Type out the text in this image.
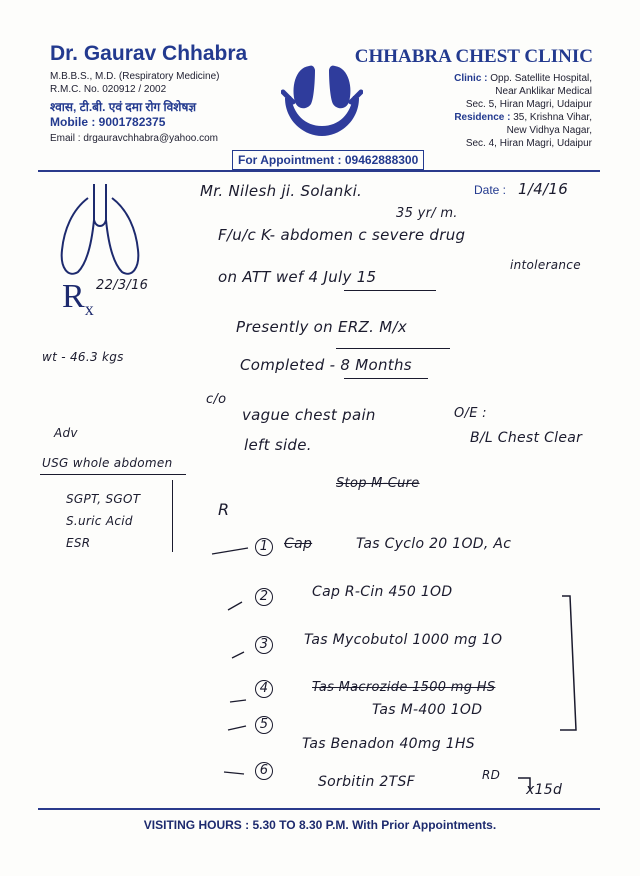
Dr. Gaurav Chhabra
M.B.B.S., M.D. (Respiratory Medicine)
R.M.C. No. 020912 / 2002
श्वास, टी.बी. एवं दमा रोग विशेषज्ञ
Mobile : 9001782375
Email : drgauravchhabra@yahoo.com
CHHABRA CHEST CLINIC
Clinic : Opp. Satellite Hospital,
Near Anklikar Medical
Sec. 5, Hiran Magri, Udaipur
Residence : 35, Krishna Vihar,
New Vidhya Nagar,
Sec. 4, Hiran Magri, Udaipur
For Appointment : 09462888300
$R_x$
22/3/16
wt - 46.3 kgs
Date : 1/4/16
Mr. Nilesh ji. Solanki.
35 yr/ m.
F/u/c K- abdomen c severe drug
intolerance
on ATT wef 4 July 15
Presently on ERZ. M/x
Completed - 8 Months
c/o
vague chest pain
left side.
O/E :
B/L Chest Clear
Adv
USG whole abdomen
SGPT, SGOT
S.uric Acid
ESR
Stop M-Cure
R
1	Cap	Tas Cyclo 20 1OD, Ac
2	Cap R-Cin 450 1OD
3	Tas Mycobutol 1000 mg 1O
4	Tas Macrozide 1500 mg HS
Tas M-400 1OD
5
Tas Benadon 40mg 1HS
6
Sorbitin 2TSF	RD
x15d
VISITING HOURS : 5.30 TO 8.30 P.M. With Prior Appointments.
